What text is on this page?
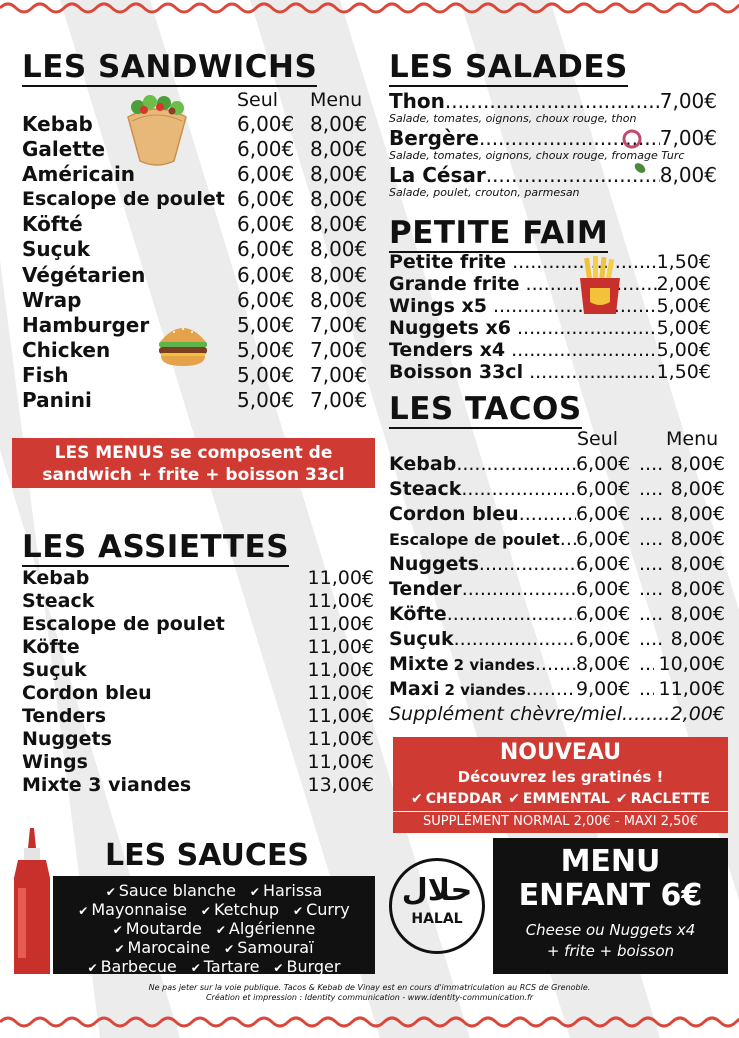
LES SANDWICHS
Seul Menu
Kebab	6,00€ 8,00€
Galette	6,00€ 8,00€
Américain	6,00€ 8,00€
Escalope de poulet 6,00€ 8,00€
Köfté	6,00€ 8,00€
Suçuk	6,00€ 8,00€
Végétarien	6,00€ 8,00€
Wrap	6,00€ 8,00€
Hamburger	5,00€ 7,00€
Chicken	5,00€ 7,00€
Fish	5,00€ 7,00€
Panini	5,00€ 7,00€
LES MENUS se composent de
sandwich + frite + boisson 33cl
LES ASSIETTES
Kebab	11,00€
Steack	11,00€
Escalope de poulet	11,00€
Köfte	11,00€
Suçuk	11,00€
Cordon bleu	11,00€
Tenders	11,00€
Nuggets	11,00€
Wings	11,00€
Mixte 3 viandes	13,00€
LES SALADES
Thon .....	7,00€
Salade, tomates, oignons, choux rouge, thon
Bergère .....	7,00€
Salade, tomates, oignons, choux rouge, fromage Turc
La César .....	8,00€
Salade, poulet, crouton, parmesan
PETITE FAIM
Petite frite .....	1,50€
Grande frite .....	2,00€
Wings x5 .....	5,00€
Nuggets x6 .....	5,00€
Tenders x4 .....	5,00€
Boisson 33cl .....	1,50€
LES TACOS
Seul	Menu
Kebab .....	6,00€ ..... 8,00€
Steack .....	6,00€ ..... 8,00€
Cordon bleu .....	6,00€ ..... 8,00€
Escalope de poulet ..... 6,00€ ..... 8,00€
Nuggets .....	6,00€ ..... 8,00€
Tender .....	6,00€ ..... 8,00€
Köfte .....	6,00€ ..... 8,00€
Suçuk .....	6,00€ ..... 8,00€
Mixte 2 viandes ..... 8,00€ ..... 10,00€
Maxi 2 viandes .....	9,00€ ..... 11,00€
Supplément chèvre/miel .....	2,00€
NOUVEAU
Découvrez les gratinés !
✔ CHEDDAR ✔ EMMENTAL ✔ RACLETTE
SUPPLÉMENT NORMAL 2,00€ - MAXI 2,50€
LES SAUCES
✔ Sauce blanche ✔ Harissa
✔ Mayonnaise ✔ Ketchup ✔ Curry
✔ Moutarde ✔ Algérienne
✔ Marocaine ✔ Samouraï
✔ Barbecue ✔ Tartare ✔ Burger
حلال
HALAL
MENU
ENFANT 6€
Cheese ou Nuggets x4
+ frite + boisson
Ne pas jeter sur la voie publique. Tacos & Kebab de Vinay est en cours d'immatriculation au RCS de Grenoble.
Création et impression : Identity communication - www.identity-communication.fr
